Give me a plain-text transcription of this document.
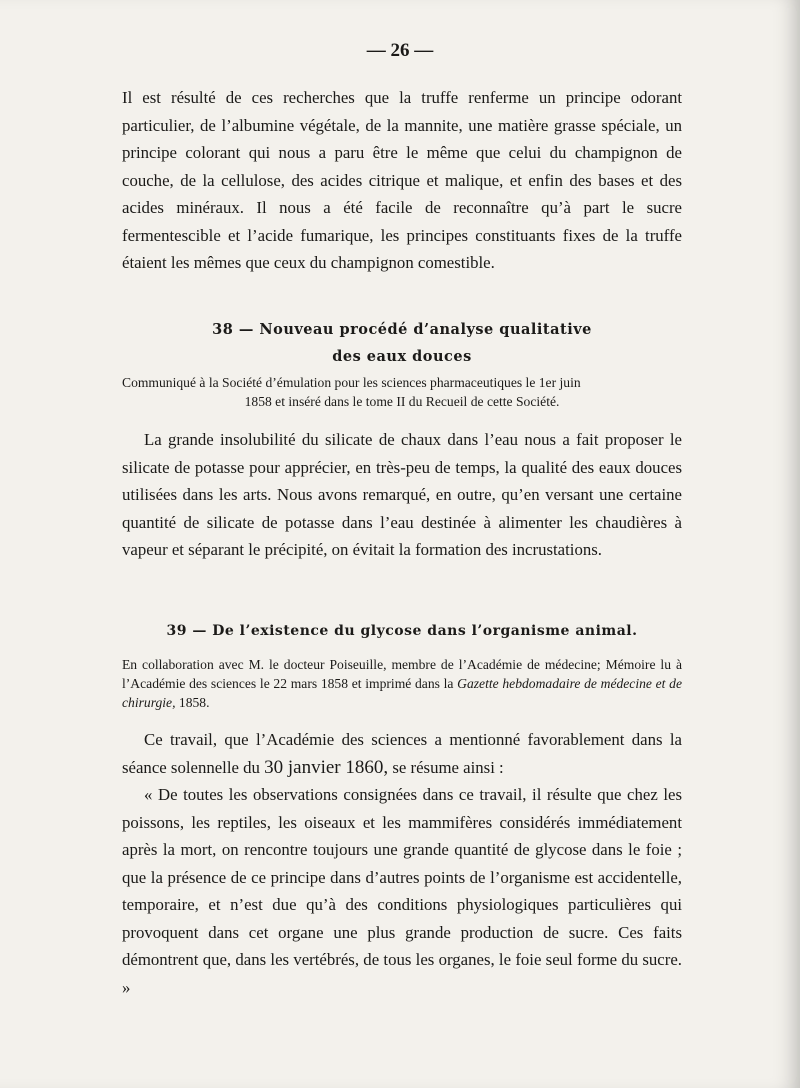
— 26 —

Il est résulté de ces recherches que la truffe renferme un principe odorant particulier, de l’albumine végétale, de la mannite, une matière grasse spéciale, un principe colorant qui nous a paru être le même que celui du champignon de couche, de la cellulose, des acides citrique et malique, et enfin des bases et des acides minéraux. Il nous a été facile de reconnaître qu’à part le sucre fermentescible et l’acide fumarique, les principes constituants fixes de la truffe étaient les mêmes que ceux du champignon comestible.

38 — Nouveau procédé d’analyse qualitative
des eaux douces

Communiqué à la Société d’émulation pour les sciences pharmaceutiques le 1er juin

1858 et inséré dans le tome II du Recueil de cette Société.

La grande insolubilité du silicate de chaux dans l’eau nous a fait proposer le silicate de potasse pour apprécier, en très-peu de temps, la qualité des eaux douces utilisées dans les arts. Nous avons remarqué, en outre, qu’en versant une certaine quantité de silicate de potasse dans l’eau destinée à alimenter les chaudières à vapeur et séparant le précipité, on évitait la formation des incrustations.

39 — De l’existence du glycose dans l’organisme animal.

En collaboration avec M. le docteur Poiseuille, membre de l’Académie de médecine; Mémoire lu à l’Académie des sciences le 22 mars 1858 et imprimé dans la Gazette hebdomadaire de médecine et de chirurgie, 1858.

Ce travail, que l’Académie des sciences a mentionné favorablement dans la séance solennelle du 30 janvier 1860, se résume ainsi :

« De toutes les observations consignées dans ce travail, il résulte que chez les poissons, les reptiles, les oiseaux et les mammifères considérés immédiatement après la mort, on rencontre toujours une grande quantité de glycose dans le foie ; que la présence de ce principe dans d’autres points de l’organisme est accidentelle, temporaire, et n’est due qu’à des conditions physiologiques particulières qui provoquent dans cet organe une plus grande production de sucre. Ces faits démontrent que, dans les vertébrés, de tous les organes, le foie seul forme du sucre. »
